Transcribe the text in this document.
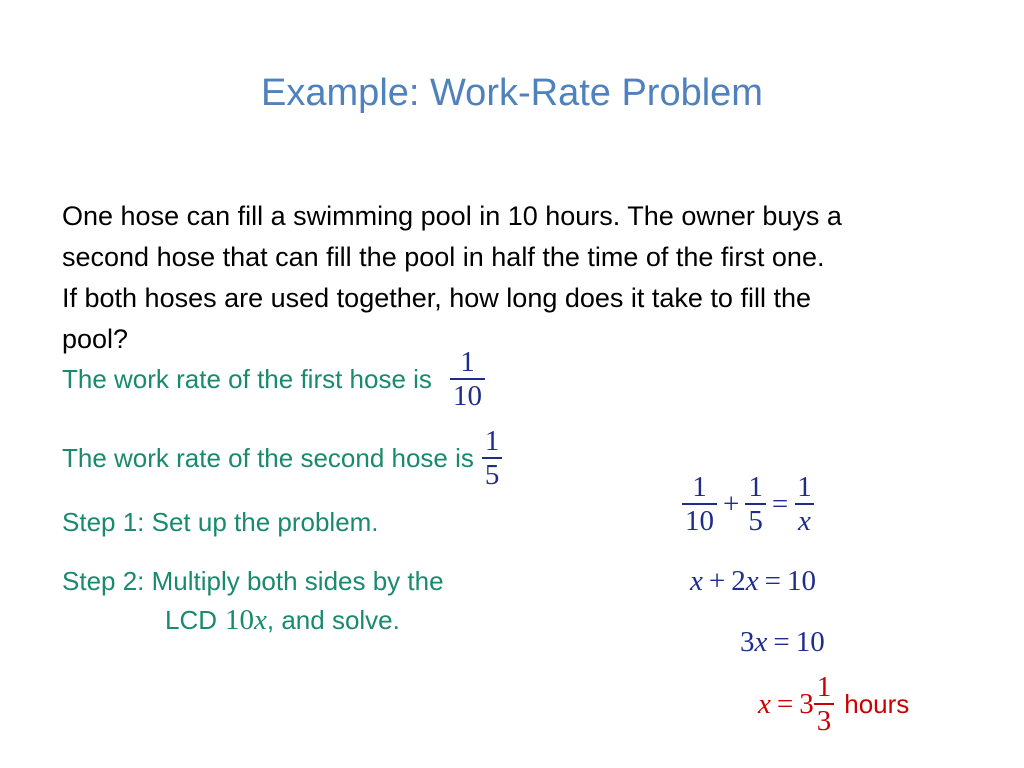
Example: Work-Rate Problem
One hose can fill a swimming pool in 10 hours. The owner buys a
second hose that can fill the pool in half the time of the first one.
If both hoses are used together, how long does it take to fill the
pool?
The work rate of the first hose is $\frac{1}{10}$
The work rate of the second hose is $\frac{1}{5}$
Step 1: Set up the problem.
Step 2: Multiply both sides by the
LCD 10x , and solve.
$\frac{1}{10} + \frac{1}{5} = \frac{1}{x}$
x + 2x = 10
3x = 10
$x = 3 \frac{1}{3}$ hours
